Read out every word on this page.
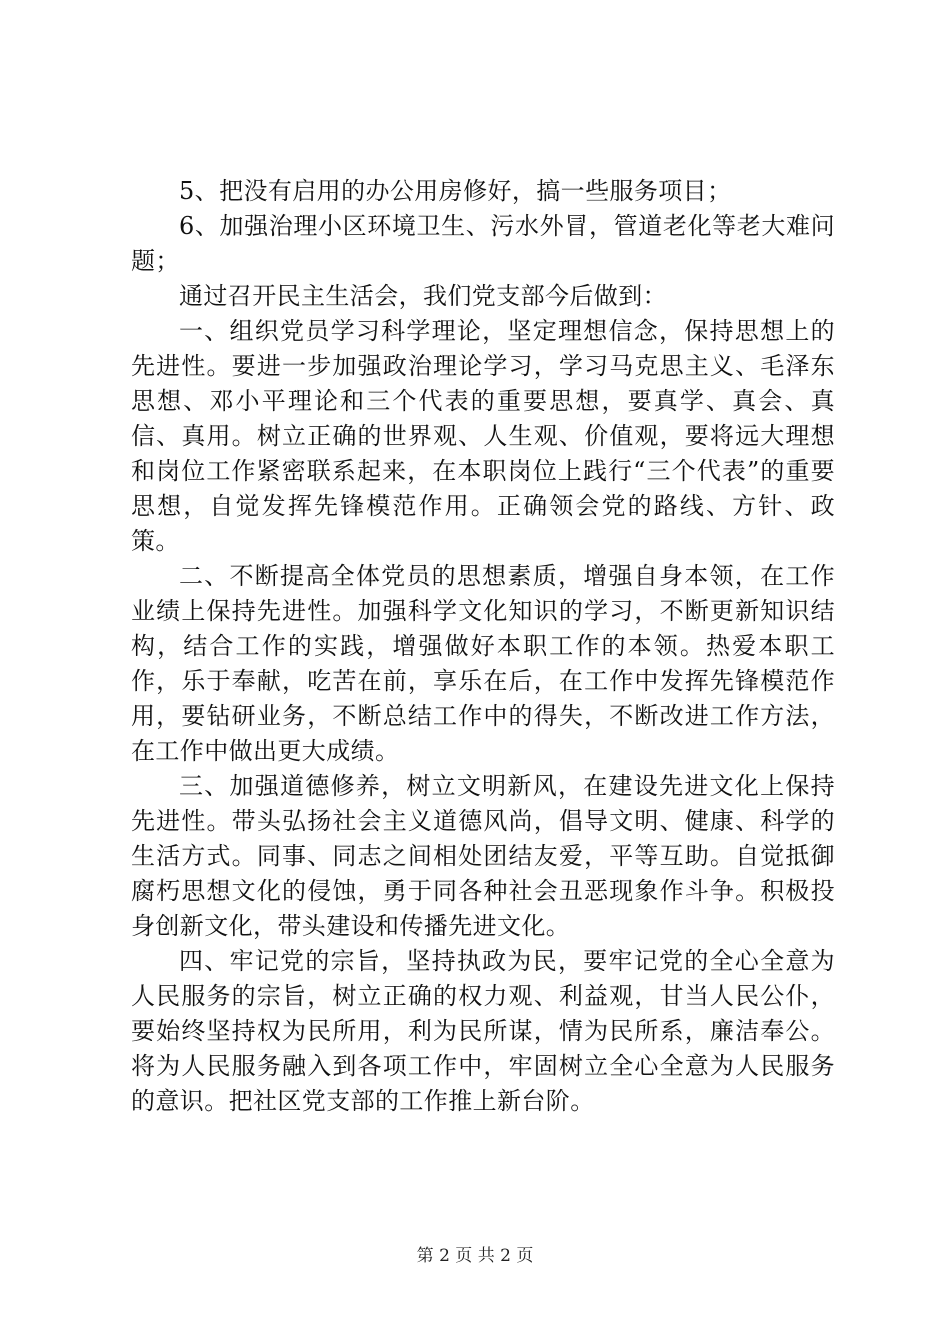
5、把没有启用的办公用房修好，搞一些服务项目；

6、加强治理小区环境卫生、污水外冒，管道老化等老大难问题；

通过召开民主生活会，我们党支部今后做到：

一、组织党员学习科学理论，坚定理想信念，保持思想上的先进性。要进一步加强政治理论学习，学习马克思主义、毛泽东思想、邓小平理论和三个代表的重要思想，要真学、真会、真信、真用。树立正确的世界观、人生观、价值观，要将远大理想和岗位工作紧密联系起来，在本职岗位上践行“三个代表”的重要思想，自觉发挥先锋模范作用。正确领会党的路线、方针、政策。

二、不断提高全体党员的思想素质，增强自身本领，在工作业绩上保持先进性。加强科学文化知识的学习，不断更新知识结构，结合工作的实践，增强做好本职工作的本领。热爱本职工作，乐于奉献，吃苦在前，享乐在后，在工作中发挥先锋模范作用，要钻研业务，不断总结工作中的得失，不断改进工作方法，在工作中做出更大成绩。

三、加强道德修养，树立文明新风，在建设先进文化上保持先进性。带头弘扬社会主义道德风尚，倡导文明、健康、科学的生活方式。同事、同志之间相处团结友爱，平等互助。自觉抵御腐朽思想文化的侵蚀，勇于同各种社会丑恶现象作斗争。积极投身创新文化，带头建设和传播先进文化。

四、牢记党的宗旨，坚持执政为民，要牢记党的全心全意为人民服务的宗旨，树立正确的权力观、利益观，甘当人民公仆，要始终坚持权为民所用，利为民所谋，情为民所系，廉洁奉公。将为人民服务融入到各项工作中，牢固树立全心全意为人民服务的意识。把社区党支部的工作推上新台阶。

第 2 页 共 2 页
